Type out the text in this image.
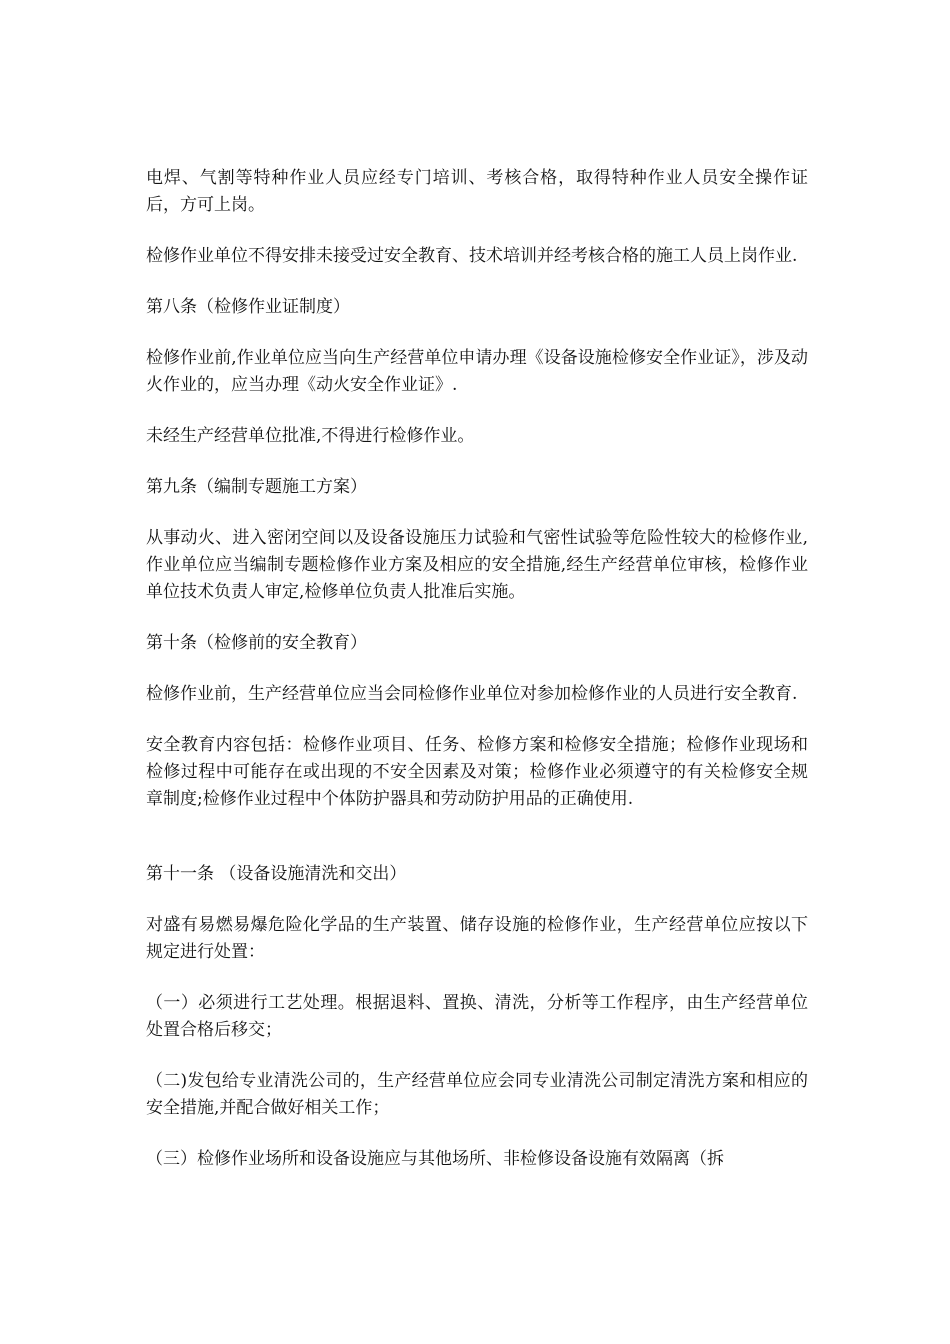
电焊、气割等特种作业人员应经专门培训、考核合格，取得特种作业人员安全操作证后，方可上岗。

检修作业单位不得安排未接受过安全教育、技术培训并经考核合格的施工人员上岗作业.

第八条（检修作业证制度）

检修作业前,作业单位应当向生产经营单位申请办理《设备设施检修安全作业证》，涉及动火作业的，应当办理《动火安全作业证》.

未经生产经营单位批准,不得进行检修作业。

第九条（编制专题施工方案）

从事动火、进入密闭空间以及设备设施压力试验和气密性试验等危险性较大的检修作业,作业单位应当编制专题检修作业方案及相应的安全措施,经生产经营单位审核，检修作业单位技术负责人审定,检修单位负责人批准后实施。

第十条（检修前的安全教育）

检修作业前，生产经营单位应当会同检修作业单位对参加检修作业的人员进行安全教育.

安全教育内容包括：检修作业项目、任务、检修方案和检修安全措施；检修作业现场和检修过程中可能存在或出现的不安全因素及对策；检修作业必须遵守的有关检修安全规章制度;检修作业过程中个体防护器具和劳动防护用品的正确使用.

第十一条 （设备设施清洗和交出）

对盛有易燃易爆危险化学品的生产装置、储存设施的检修作业，生产经营单位应按以下规定进行处置：

（一）必须进行工艺处理。根据退料、置换、清洗，分析等工作程序，由生产经营单位处置合格后移交；

（二)发包给专业清洗公司的，生产经营单位应会同专业清洗公司制定清洗方案和相应的安全措施,并配合做好相关工作；

（三）检修作业场所和设备设施应与其他场所、非检修设备设施有效隔离（拆
